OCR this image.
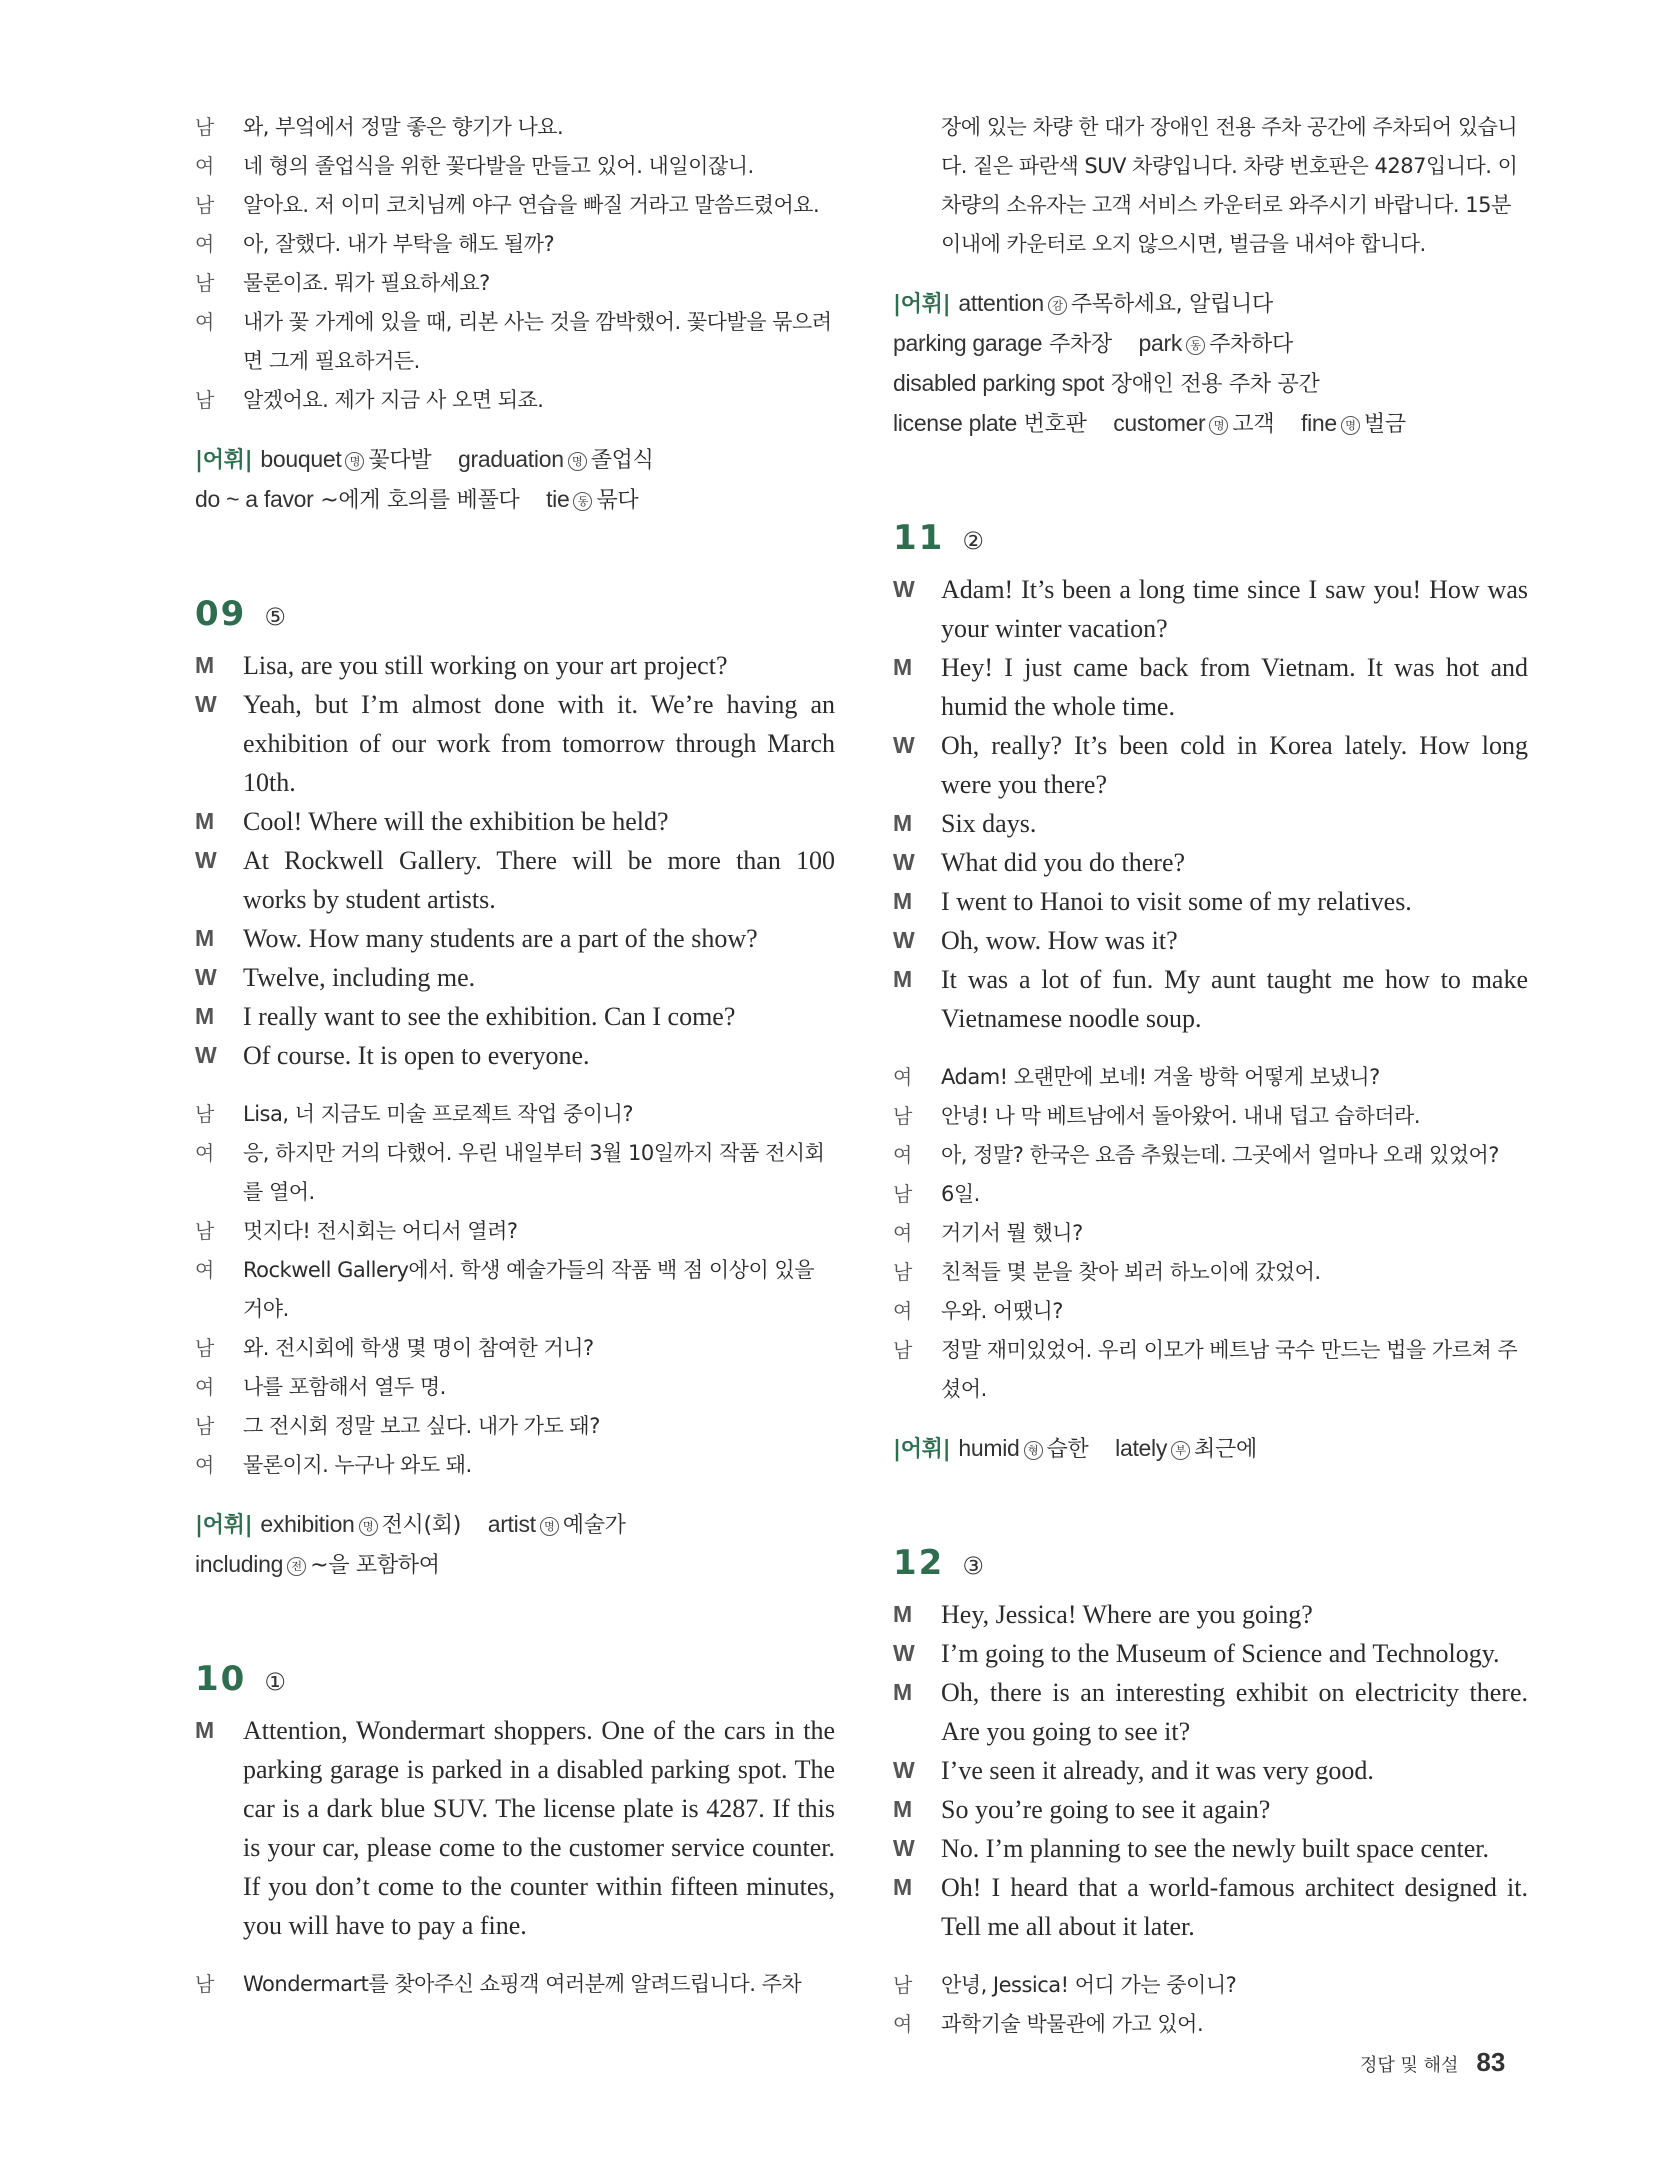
남	와, 부엌에서 정말 좋은 향기가 나요.
여	네 형의 졸업식을 위한 꽃다발을 만들고 있어. 내일이잖니.
남	알아요. 저 이미 코치님께 야구 연습을 빠질 거라고 말씀드렸어요.
여	아, 잘했다. 내가 부탁을 해도 될까?
남	물론이죠. 뭐가 필요하세요?
여	내가 꽃 가게에 있을 때, 리본 사는 것을 깜박했어. 꽃다발을 묶으려면 그게 필요하거든.
남	알겠어요. 제가 지금 사 오면 되죠.
|어휘| bouquet 명 꽃다발 graduation 명 졸업식 do ~ a favor ~에게 호의를 베풀다 tie 동 묶다
09 ⑤
M	Lisa, are you still working on your art project?
W	Yeah, but I’m almost done with it. We’re having an exhibition of our work from tomorrow through March 10th.
M	Cool! Where will the exhibition be held?
W	At Rockwell Gallery. There will be more than 100 works by student artists.
M	Wow. How many students are a part of the show?
W	Twelve, including me.
M	I really want to see the exhibition. Can I come?
W	Of course. It is open to everyone.
남	Lisa, 너 지금도 미술 프로젝트 작업 중이니?
여	응, 하지만 거의 다했어. 우린 내일부터 3월 10일까지 작품 전시회를 열어.
남	멋지다! 전시회는 어디서 열려?
여	Rockwell Gallery에서. 학생 예술가들의 작품 백 점 이상이 있을 거야.
남	와. 전시회에 학생 몇 명이 참여한 거니?
여	나를 포함해서 열두 명.
남	그 전시회 정말 보고 싶다. 내가 가도 돼?
여	물론이지. 누구나 와도 돼.
|어휘| exhibition 명 전시(회) artist 명 예술가 including 전 ~을 포함하여
10 ①
M	Attention, Wondermart shoppers. One of the cars in the parking garage is parked in a disabled parking spot. The car is a dark blue SUV. The license plate is 4287. If this is your car, please come to the customer service counter. If you don’t come to the counter within fifteen minutes, you will have to pay a fine.
남	Wondermart를 찾아주신 쇼핑객 여러분께 알려드립니다. 주차
장에 있는 차량 한 대가 장애인 전용 주차 공간에 주차되어 있습니다. 짙은 파란색 SUV 차량입니다. 차량 번호판은 4287입니다. 이 차량의 소유자는 고객 서비스 카운터로 와주시기 바랍니다. 15분 이내에 카운터로 오지 않으시면, 벌금을 내셔야 합니다.
|어휘| attention 감 주목하세요, 알립니다 parking garage 주차장 park 동 주차하다 disabled parking spot 장애인 전용 주차 공간 license plate 번호판 customer 명 고객 fine 명 벌금
11 ②
W	Adam! It’s been a long time since I saw you! How was your winter vacation?
M	Hey! I just came back from Vietnam. It was hot and humid the whole time.
W	Oh, really? It’s been cold in Korea lately. How long were you there?
M	Six days.
W	What did you do there?
M	I went to Hanoi to visit some of my relatives.
W	Oh, wow. How was it?
M	It was a lot of fun. My aunt taught me how to make Vietnamese noodle soup.
여	Adam! 오랜만에 보네! 겨울 방학 어떻게 보냈니?
남	안녕! 나 막 베트남에서 돌아왔어. 내내 덥고 습하더라.
여	아, 정말? 한국은 요즘 추웠는데. 그곳에서 얼마나 오래 있었어?
남	6일.
여	거기서 뭘 했니?
남	친척들 몇 분을 찾아 뵈러 하노이에 갔었어.
여	우와. 어땠니?
남	정말 재미있었어. 우리 이모가 베트남 국수 만드는 법을 가르쳐 주셨어.
|어휘| humid 형 습한 lately 부 최근에
12 ③
M	Hey, Jessica! Where are you going?
W	I’m going to the Museum of Science and Technology.
M	Oh, there is an interesting exhibit on electricity there. Are you going to see it?
W	I’ve seen it already, and it was very good.
M	So you’re going to see it again?
W	No. I’m planning to see the newly built space center.
M	Oh! I heard that a world-famous architect designed it. Tell me all about it later.
남	안녕, Jessica! 어디 가는 중이니?
여	과학기술 박물관에 가고 있어.
정답 및 해설 83
